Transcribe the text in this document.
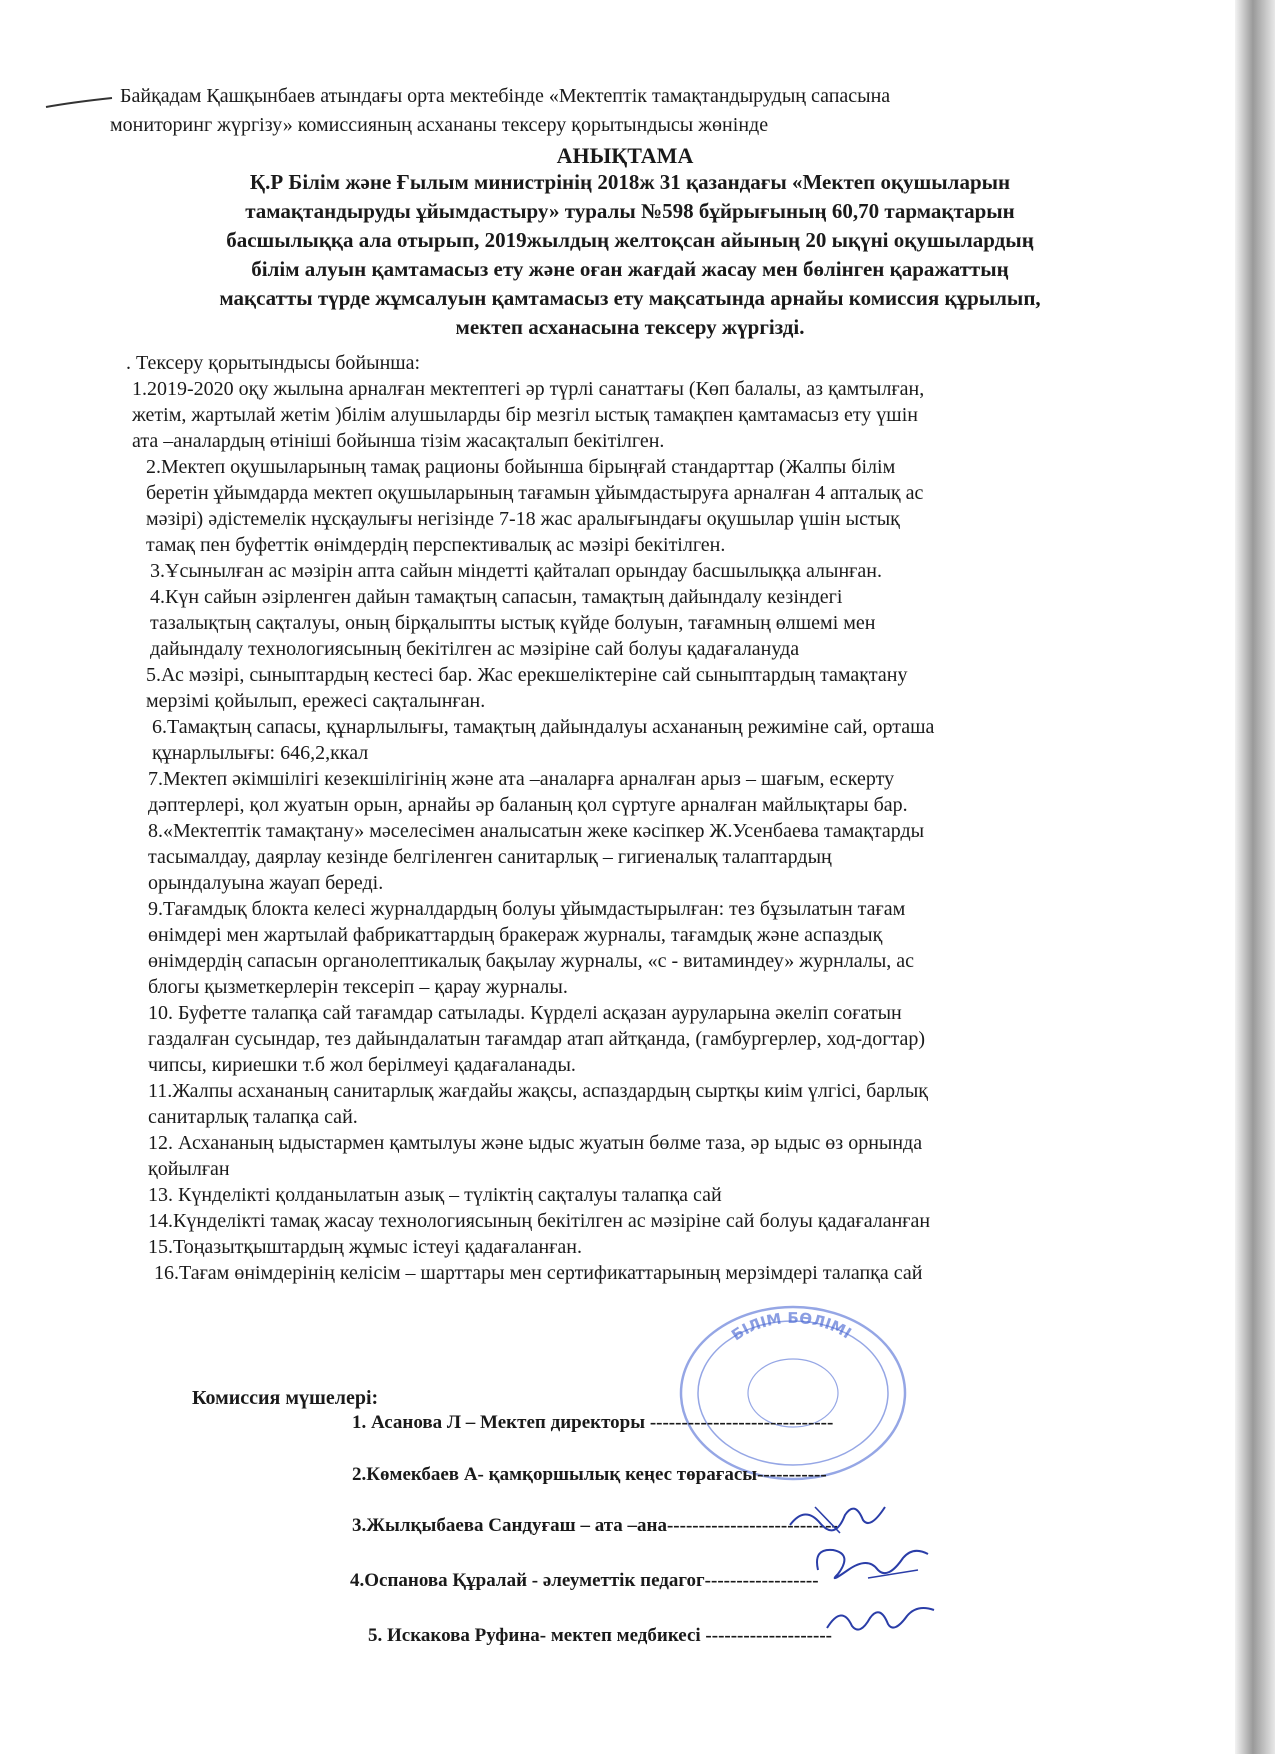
Байқадам Қашқынбаев атындағы орта мектебінде «Мектептік тамақтандырудың сапасына
мониторинг жүргізу» комиссияның асхананы тексеру қорытындысы жөнінде
АНЫҚТАМА
Қ.Р Білім және Ғылым министрінің 2018ж 31 қазандағы «Мектеп оқушыларын
тамақтандыруды ұйымдастыру» туралы №598 бұйрығының 60,70 тармақтарын
басшылыққа ала отырып, 2019жылдың желтоқсан айының 20 ықүні оқушылардың
білім алуын қамтамасыз ету және оған жағдай жасау мен бөлінген қаражаттың
мақсатты түрде жұмсалуын қамтамасыз ету мақсатында арнайы комиссия құрылып,
мектеп асханасына тексеру жүргізді.

. Тексеру қорытындысы бойынша:

1.2019-2020 оқу жылына арналған мектептегі әр түрлі санаттағы (Көп балалы, аз қамтылған,

жетім, жартылай жетім )білім алушыларды бір мезгіл ыстық тамақпен қамтамасыз ету үшін

ата –аналардың өтініші бойынша тізім жасақталып бекітілген.

2.Мектеп оқушыларының тамақ рационы бойынша бірыңғай стандарттар (Жалпы білім

беретін ұйымдарда мектеп оқушыларының тағамын ұйымдастыруға арналған 4 апталық ас

мәзірі) әдістемелік нұсқаулығы негізінде 7-18 жас аралығындағы оқушылар үшін ыстық

тамақ пен буфеттік өнімдердің перспективалық ас мәзірі бекітілген.

3.Ұсынылған ас мәзірін апта сайын міндетті қайталап орындау басшылыққа алынған.

4.Күн сайын әзірленген дайын тамақтың сапасын, тамақтың дайындалу кезіндегі

тазалықтың сақталуы, оның бірқалыпты ыстық күйде болуын, тағамның өлшемі мен

дайындалу технологиясының бекітілген ас мәзіріне сай болуы қадағалануда

5.Ас мәзірі, сыныптардың кестесі бар. Жас ерекшеліктеріне сай сыныптардың тамақтану

мерзімі қойылып, ережесі сақталынған.

6.Тамақтың сапасы, құнарлылығы, тамақтың дайындалуы асхананың режиміне сай, орташа

құнарлылығы: 646,2,ккал

7.Мектеп әкімшілігі кезекшілігінің және ата –аналарға арналған арыз – шағым, ескерту

дәптерлері, қол жуатын орын, арнайы әр баланың қол сүртуге арналған майлықтары бар.

8.«Мектептік тамақтану» мәселесімен аналысатын жеке кәсіпкер Ж.Усенбаева тамақтарды

тасымалдау, даярлау кезінде белгіленген санитарлық – гигиеналық талаптардың

орындалуына жауап береді.

9.Тағамдық блокта келесі журналдардың болуы ұйымдастырылған: тез бұзылатын тағам

өнімдері мен жартылай фабрикаттардың бракераж журналы, тағамдық және аспаздық

өнімдердің сапасын органолептикалық бақылау журналы, «с - витаминдеу» журнлалы, ас

блогы қызметкерлерін тексеріп – қарау журналы.

10. Буфетте талапқа сай тағамдар сатылады. Күрделі асқазан ауруларына әкеліп соғатын

газдалған сусындар, тез дайындалатын тағамдар атап айтқанда, (гамбургерлер, ход-догтар)

чипсы, кириешки т.б жол берілмеуі қадағаланады.

11.Жалпы асхананың санитарлық жағдайы жақсы, аспаздардың сыртқы киім үлгісі, барлық

санитарлық талапқа сай.

12. Асхананың ыдыстармен қамтылуы және ыдыс жуатын бөлме таза, әр ыдыс өз орнында

қойылған

13. Күнделікті қолданылатын азық – түліктің сақталуы талапқа сай

14.Күнделікті тамақ жасау технологиясының бекітілген ас мәзіріне сай болуы қадағаланған

15.Тоңазытқыштардың жұмыс істеуі қадағаланған.

16.Тағам өнімдерінің келісім – шарттары мен сертификаттарының мерзімдері талапқа сай

БІЛІМ БӨЛІМІ
Комиссия мүшелері:
1. Асанова Л – Мектеп директоры -----------------------------
2.Көмекбаев А- қамқоршылық кеңес төрағасы-----------
3.Жылқыбаева Сандуғаш – ата –ана---------------------------
4.Оспанова Құралай - әлеуметтік педагог------------------
5. Искакова Руфина- мектеп медбикесі --------------------
